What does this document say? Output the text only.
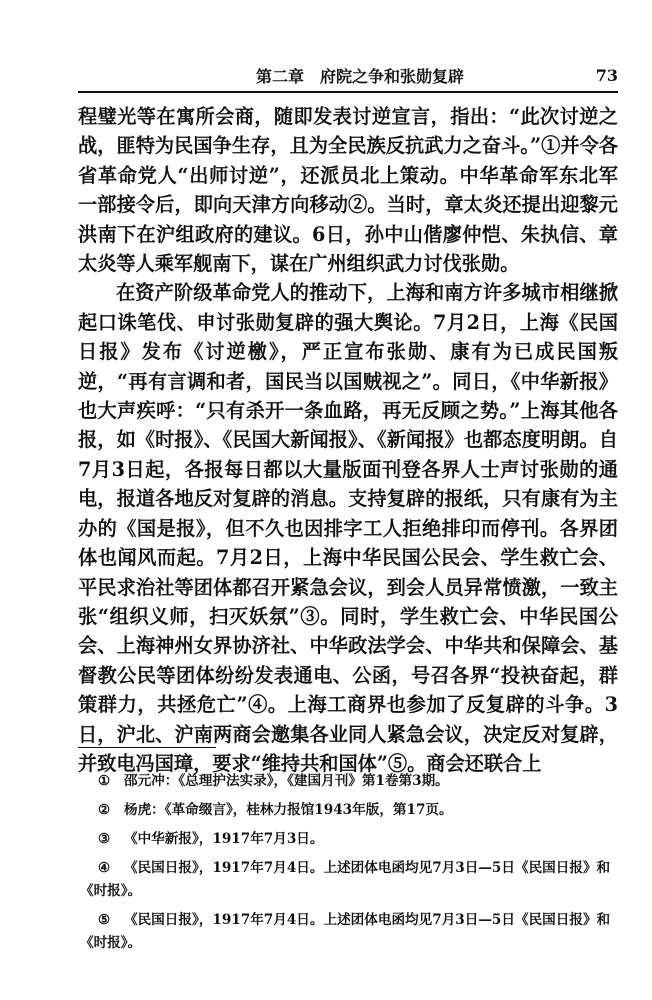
第二章　府院之争和张勋复辟	73

程璧光等在寓所会商，随即发表讨逆宣言，指出：“此次讨逆之战，匪特为民国争生存，且为全民族反抗武力之奋斗。”①并令各省革命党人“出师讨逆”，还派员北上策动。中华革命军东北军一部接令后，即向天津方向移动②。当时，章太炎还提出迎黎元洪南下在沪组政府的建议。6日，孙中山偕廖仲恺、朱执信、章太炎等人乘军舰南下，谋在广州组织武力讨伐张勋。

在资产阶级革命党人的推动下，上海和南方许多城市相继掀起口诛笔伐、申讨张勋复辟的强大舆论。7月2日，上海《民国日报》发布《讨逆檄》，严正宣布张勋、康有为已成民国叛逆，“再有言调和者，国民当以国贼视之”。同日，《中华新报》也大声疾呼：“只有杀开一条血路，再无反顾之势。”上海其他各报，如《时报》、《民国大新闻报》、《新闻报》也都态度明朗。自7月3日起，各报每日都以大量版面刊登各界人士声讨张勋的通电，报道各地反对复辟的消息。支持复辟的报纸，只有康有为主办的《国是报》，但不久也因排字工人拒绝排印而停刊。各界团体也闻风而起。7月2日，上海中华民国公民会、学生救亡会、平民求治社等团体都召开紧急会议，到会人员异常愤激，一致主张“组织义师，扫灭妖氛”③。同时，学生救亡会、中华民国公会、上海神州女界协济社、中华政法学会、中华共和保障会、基督教公民等团体纷纷发表通电、公函，号召各界“投袂奋起，群策群力，共拯危亡”④。上海工商界也参加了反复辟的斗争。3日，沪北、沪南两商会邀集各业同人紧急会议，决定反对复辟，并致电冯国璋，要求“维持共和国体”⑤。商会还联合上

① 邵元冲：《总理护法实录》，《建国月刊》第1卷第3期。

② 杨虎：《革命缀言》，桂林力报馆1943年版，第17页。

③ 《中华新报》，1917年7月3日。

④ 《民国日报》，1917年7月4日。上述团体电函均见7月3日—5日《民国日报》和《时报》。

⑤ 《民国日报》，1917年7月4日。上述团体电函均见7月3日—5日《民国日报》和《时报》。
